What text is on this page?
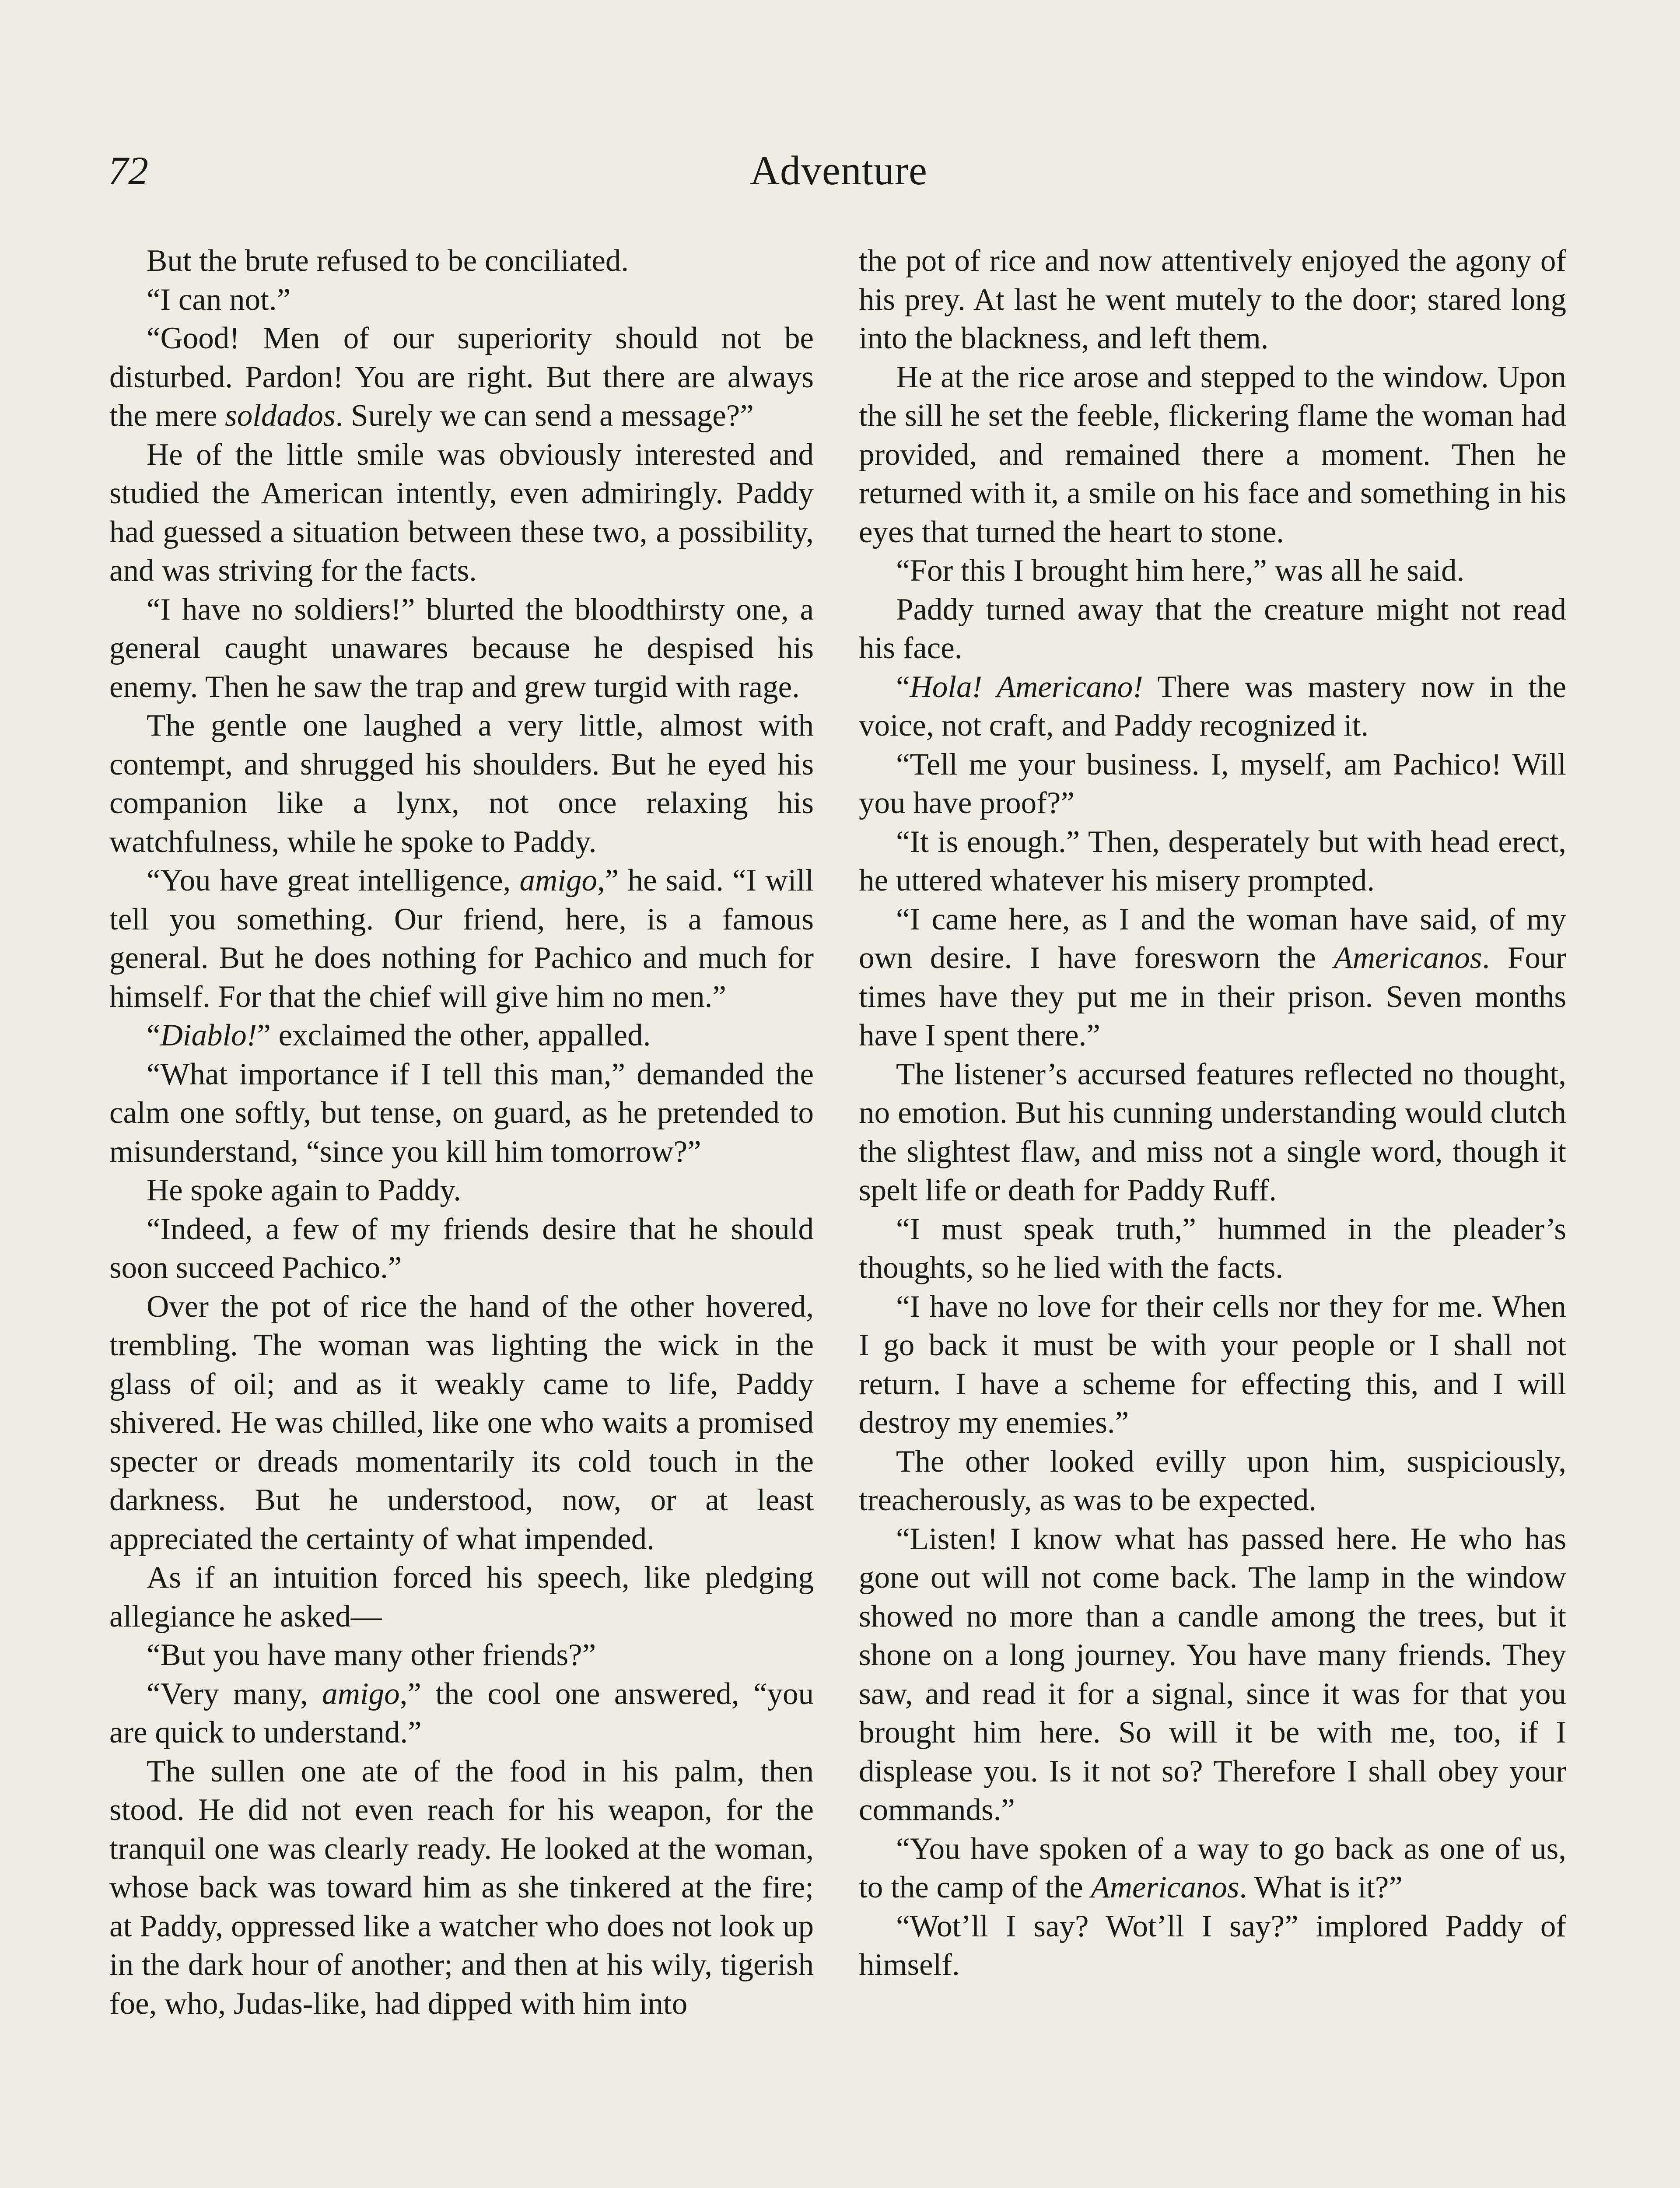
72	Adventure

But the brute refused to be conciliated.

“I can not.”

“Good! Men of our superiority should not be disturbed. Pardon! You are right. But there are always the mere soldados. Surely we can send a message?”

He of the little smile was obviously interested and studied the American intently, even admiringly. Paddy had guessed a situation between these two, a possibility, and was striving for the facts.

“I have no soldiers!” blurted the bloodthirsty one, a general caught unawares because he despised his enemy. Then he saw the trap and grew turgid with rage.

The gentle one laughed a very little, almost with contempt, and shrugged his shoulders. But he eyed his companion like a lynx, not once relaxing his watchfulness, while he spoke to Paddy.

“You have great intelligence, amigo,” he said. “I will tell you something. Our friend, here, is a famous general. But he does nothing for Pachico and much for himself. For that the chief will give him no men.”

“Diablo!” exclaimed the other, appalled.

“What importance if I tell this man,” demanded the calm one softly, but tense, on guard, as he pretended to misunderstand, “since you kill him tomorrow?”

He spoke again to Paddy.

“Indeed, a few of my friends desire that he should soon succeed Pachico.”

Over the pot of rice the hand of the other hovered, trembling. The woman was lighting the wick in the glass of oil; and as it weakly came to life, Paddy shivered. He was chilled, like one who waits a promised specter or dreads momentarily its cold touch in the darkness. But he understood, now, or at least appreciated the certainty of what impended.

As if an intuition forced his speech, like pledging allegiance he asked—

“But you have many other friends?”

“Very many, amigo,” the cool one answered, “you are quick to understand.”

The sullen one ate of the food in his palm, then stood. He did not even reach for his weapon, for the tranquil one was clearly ready. He looked at the woman, whose back was toward him as she tinkered at the fire; at Paddy, oppressed like a watcher who does not look up in the dark hour of another; and then at his wily, tigerish foe, who, Judas-like, had dipped with him into

the pot of rice and now attentively enjoyed the agony of his prey. At last he went mutely to the door; stared long into the blackness, and left them.

He at the rice arose and stepped to the window. Upon the sill he set the feeble, flickering flame the woman had provided, and remained there a moment. Then he returned with it, a smile on his face and something in his eyes that turned the heart to stone.

“For this I brought him here,” was all he said.

Paddy turned away that the creature might not read his face.

“Hola! Americano! There was mastery now in the voice, not craft, and Paddy recognized it.

“Tell me your business. I, myself, am Pachico! Will you have proof?”

“It is enough.” Then, desperately but with head erect, he uttered whatever his misery prompted.

“I came here, as I and the woman have said, of my own desire. I have foresworn the Americanos. Four times have they put me in their prison. Seven months have I spent there.”

The listener’s accursed features reflected no thought, no emotion. But his cunning understanding would clutch the slightest flaw, and miss not a single word, though it spelt life or death for Paddy Ruff.

“I must speak truth,” hummed in the pleader’s thoughts, so he lied with the facts.

“I have no love for their cells nor they for me. When I go back it must be with your people or I shall not return. I have a scheme for effecting this, and I will destroy my enemies.”

The other looked evilly upon him, suspiciously, treacherously, as was to be expected.

“Listen! I know what has passed here. He who has gone out will not come back. The lamp in the window showed no more than a candle among the trees, but it shone on a long journey. You have many friends. They saw, and read it for a signal, since it was for that you brought him here. So will it be with me, too, if I displease you. Is it not so? Therefore I shall obey your commands.”

“You have spoken of a way to go back as one of us, to the camp of the Americanos. What is it?”

“Wot’ll I say? Wot’ll I say?” implored Paddy of himself.
